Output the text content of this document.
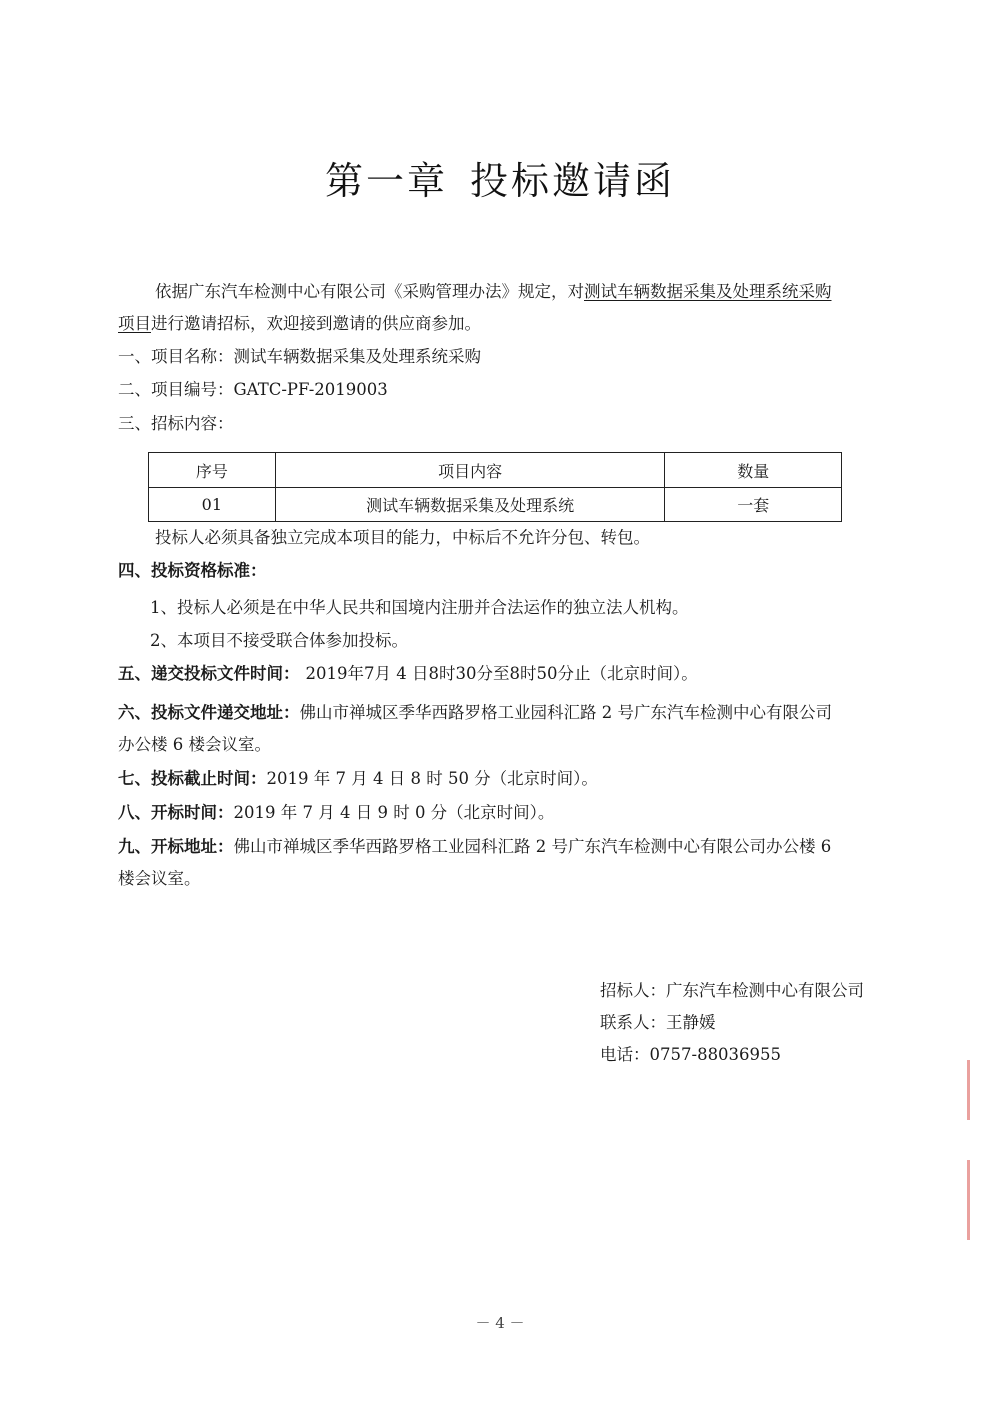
第一章 投标邀请函
依据广东汽车检测中心有限公司《采购管理办法》规定，对测试车辆数据采集及处理系统采购
项目进行邀请招标，欢迎接到邀请的供应商参加。
一、项目名称：测试车辆数据采集及处理系统采购
二、项目编号：GATC-PF-2019003
三、招标内容：
序号	项目内容	数量
01	测试车辆数据采集及处理系统	一套
投标人必须具备独立完成本项目的能力，中标后不允许分包、转包。
四、投标资格标准：
1、投标人必须是在中华人民共和国境内注册并合法运作的独立法人机构。
2、本项目不接受联合体参加投标。
五、递交投标文件时间： 2019年7月 4 日8时30分至8时50分止（北京时间）。
六、投标文件递交地址：佛山市禅城区季华西路罗格工业园科汇路 2 号广东汽车检测中心有限公司
办公楼 6 楼会议室。
七、投标截止时间：2019 年 7 月 4 日 8 时 50 分（北京时间）。
八、开标时间：2019 年 7 月 4 日 9 时 0 分（北京时间）。
九、开标地址：佛山市禅城区季华西路罗格工业园科汇路 2 号广东汽车检测中心有限公司办公楼 6
楼会议室。
招标人：广东汽车检测中心有限公司
联系人：王静媛
电话：0757-88036955
－ 4 －
